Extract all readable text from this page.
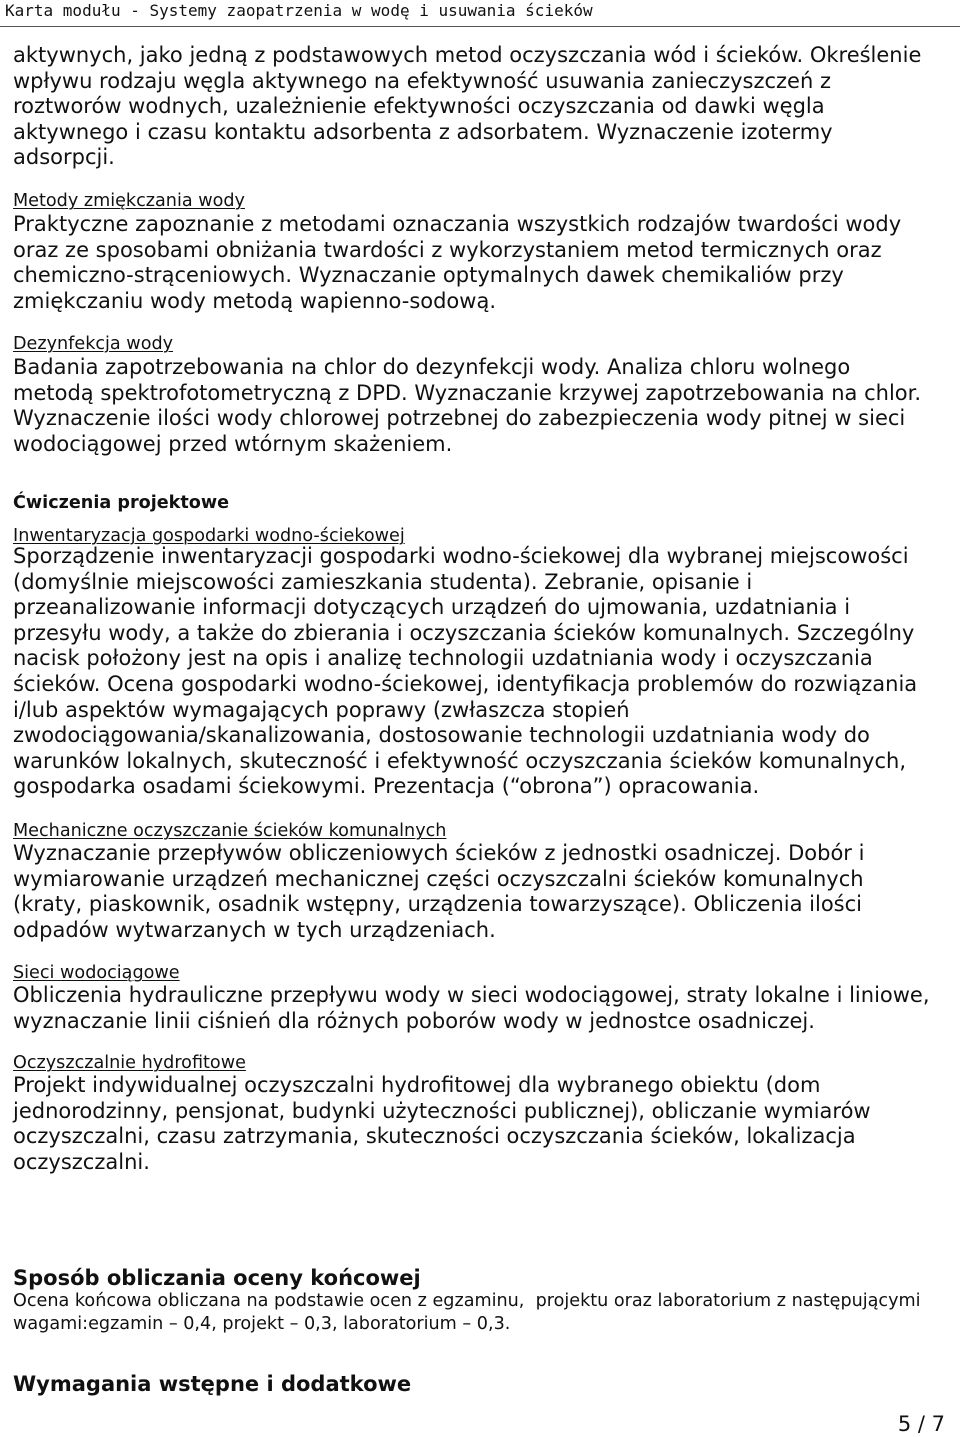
Karta modułu - Systemy zaopatrzenia w wodę i usuwania ścieków
aktywnych, jako jedną z podstawowych metod oczyszczania wód i ścieków. Określenie
wpływu rodzaju węgla aktywnego na efektywność usuwania zanieczyszczeń z
roztworów wodnych, uzależnienie efektywności oczyszczania od dawki węgla
aktywnego i czasu kontaktu adsorbenta z adsorbatem. Wyznaczenie izotermy
adsorpcji.
Metody zmiękczania wody
Praktyczne zapoznanie z metodami oznaczania wszystkich rodzajów twardości wody
oraz ze sposobami obniżania twardości z wykorzystaniem metod termicznych oraz
chemiczno-strąceniowych. Wyznaczanie optymalnych dawek chemikaliów przy
zmiękczaniu wody metodą wapienno-sodową.
Dezynfekcja wody
Badania zapotrzebowania na chlor do dezynfekcji wody. Analiza chloru wolnego
metodą spektrofotometryczną z DPD. Wyznaczanie krzywej zapotrzebowania na chlor.
Wyznaczenie ilości wody chlorowej potrzebnej do zabezpieczenia wody pitnej w sieci
wodociągowej przed wtórnym skażeniem.
Ćwiczenia projektowe
Inwentaryzacja gospodarki wodno-ściekowej
Sporządzenie inwentaryzacji gospodarki wodno-ściekowej dla wybranej miejscowości
(domyślnie miejscowości zamieszkania studenta). Zebranie, opisanie i
przeanalizowanie informacji dotyczących urządzeń do ujmowania, uzdatniania i
przesyłu wody, a także do zbierania i oczyszczania ścieków komunalnych. Szczególny
nacisk położony jest na opis i analizę technologii uzdatniania wody i oczyszczania
ścieków. Ocena gospodarki wodno-ściekowej, identyfikacja problemów do rozwiązania
i/lub aspektów wymagających poprawy (zwłaszcza stopień
zwodociągowania/skanalizowania, dostosowanie technologii uzdatniania wody do
warunków lokalnych, skuteczność i efektywność oczyszczania ścieków komunalnych,
gospodarka osadami ściekowymi. Prezentacja (“obrona”) opracowania.
Mechaniczne oczyszczanie ścieków komunalnych
Wyznaczanie przepływów obliczeniowych ścieków z jednostki osadniczej. Dobór i
wymiarowanie urządzeń mechanicznej części oczyszczalni ścieków komunalnych
(kraty, piaskownik, osadnik wstępny, urządzenia towarzyszące). Obliczenia ilości
odpadów wytwarzanych w tych urządzeniach.
Sieci wodociągowe
Obliczenia hydrauliczne przepływu wody w sieci wodociągowej, straty lokalne i liniowe,
wyznaczanie linii ciśnień dla różnych poborów wody w jednostce osadniczej.
Oczyszczalnie hydrofitowe
Projekt indywidualnej oczyszczalni hydrofitowej dla wybranego obiektu (dom
jednorodzinny, pensjonat, budynki użyteczności publicznej), obliczanie wymiarów
oczyszczalni, czasu zatrzymania, skuteczności oczyszczania ścieków, lokalizacja
oczyszczalni.
Sposób obliczania oceny końcowej
Ocena końcowa obliczana na podstawie ocen z egzaminu,  projektu oraz laboratorium z następującymi
wagami:egzamin – 0,4, projekt – 0,3, laboratorium – 0,3.
Wymagania wstępne i dodatkowe
5 / 7
